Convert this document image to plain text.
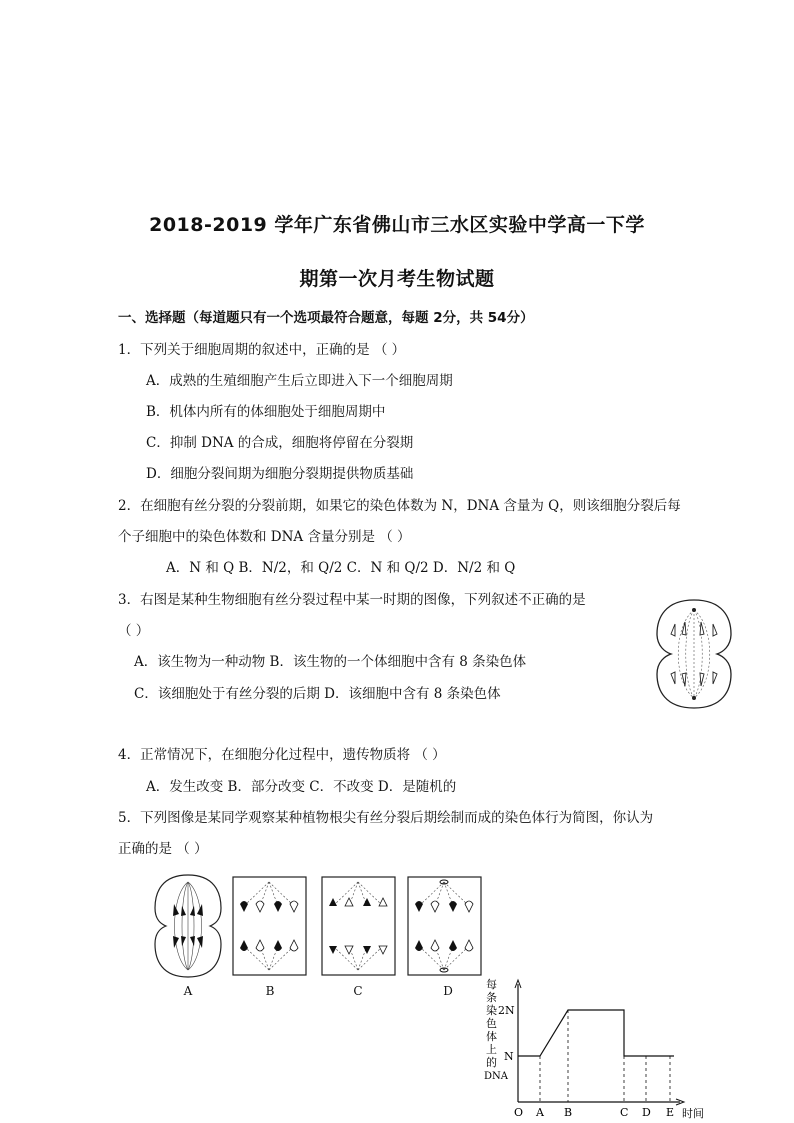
2018-2019 学年广东省佛山市三水区实验中学高一下学
期第一次月考生物试题
一、选择题（每道题只有一个选项最符合题意，每题 2分，共 54分）
1．下列关于细胞周期的叙述中，正确的是 （ ）
A．成熟的生殖细胞产生后立即进入下一个细胞周期
B．机体内所有的体细胞处于细胞周期中
C．抑制 DNA 的合成，细胞将停留在分裂期
D．细胞分裂间期为细胞分裂期提供物质基础
2．在细胞有丝分裂的分裂前期，如果它的染色体数为 N，DNA 含量为 Q，则该细胞分裂后每
个子细胞中的染色体数和 DNA 含量分别是 （ ）
A．N 和 Q B．N/2，和 Q/2 C．N 和 Q/2 D．N/2 和 Q
3．右图是某种生物细胞有丝分裂过程中某一时期的图像，下列叙述不正确的是
（ ）
A．该生物为一种动物 B．该生物的一个体细胞中含有 8 条染色体
C．该细胞处于有丝分裂的后期 D．该细胞中含有 8 条染色体
4．正常情况下，在细胞分化过程中，遗传物质将 （ ）
A．发生改变 B．部分改变 C．不改变 D．是随机的
5．下列图像是某同学观察某种植物根尖有丝分裂后期绘制而成的染色体行为简图，你认为
正确的是 （ ）
A	B	C	D	每
条
染
色
体
上
的
DNA
2N
N
O A B	C D E 时间
